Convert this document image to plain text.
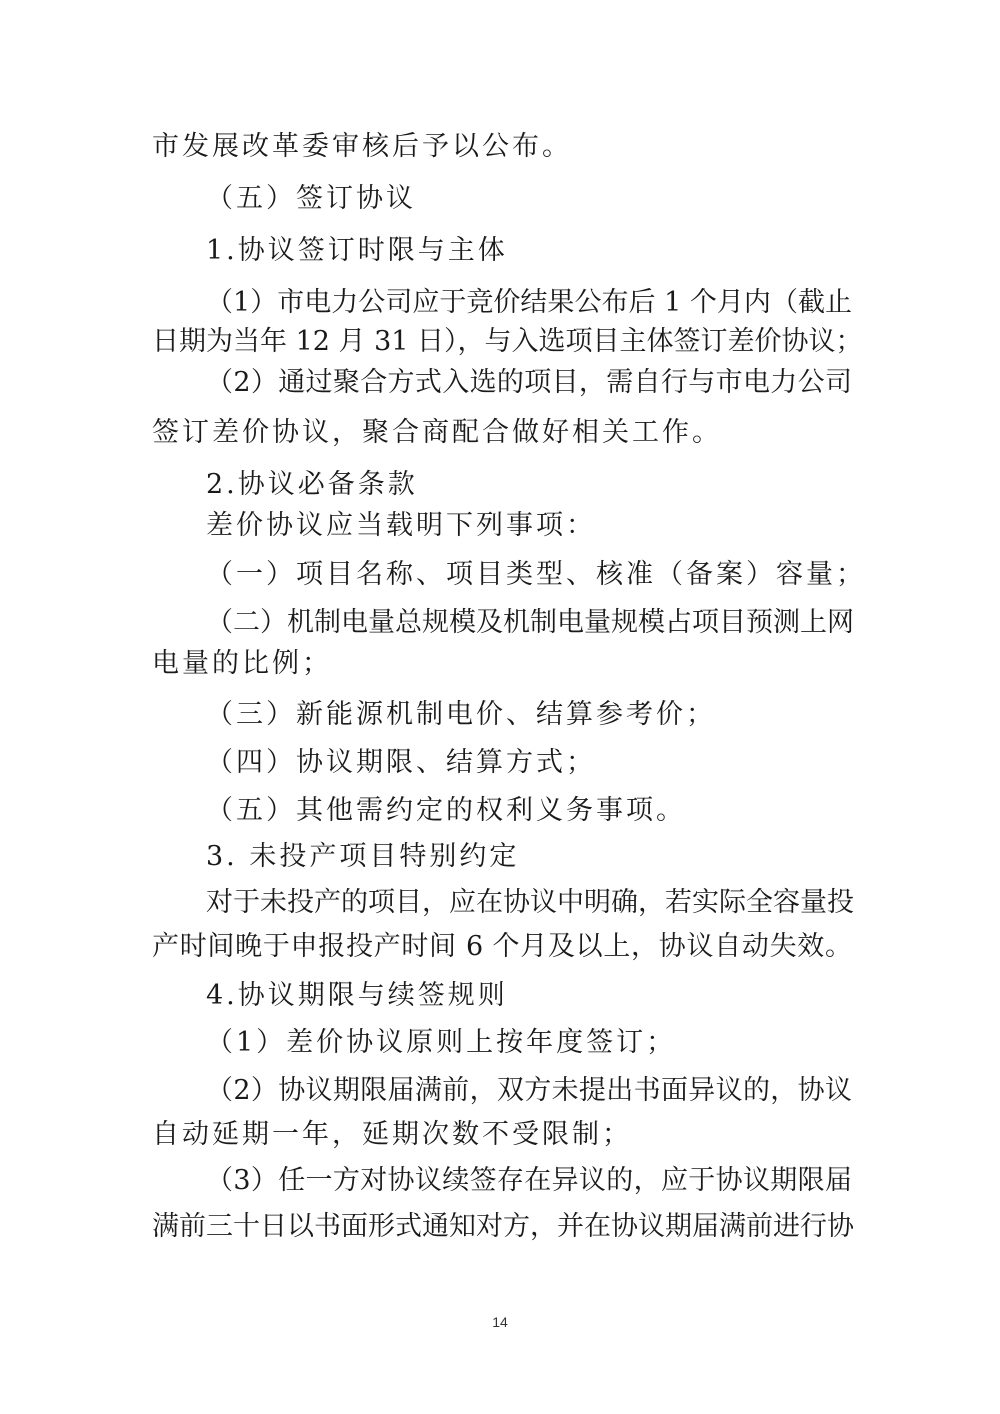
市发展改革委审核后予以公布。
（五）签订协议
1.协议签订时限与主体
（1）市电力公司应于竞价结果公布后 1 个月内（截止
日期为当年 12 月 31 日），与入选项目主体签订差价协议；
（2）通过聚合方式入选的项目，需自行与市电力公司
签订差价协议，聚合商配合做好相关工作。
2.协议必备条款
差价协议应当载明下列事项：
（一）项目名称、项目类型、核准（备案）容量；
（二）机制电量总规模及机制电量规模占项目预测上网
电量的比例；
（三）新能源机制电价、结算参考价；
（四）协议期限、结算方式；
（五）其他需约定的权利义务事项。
3. 未投产项目特别约定
对于未投产的项目，应在协议中明确，若实际全容量投
产时间晚于申报投产时间 6 个月及以上，协议自动失效。
4.协议期限与续签规则
（1）差价协议原则上按年度签订；
（2）协议期限届满前，双方未提出书面异议的，协议
自动延期一年，延期次数不受限制；
（3）任一方对协议续签存在异议的，应于协议期限届
满前三十日以书面形式通知对方，并在协议期届满前进行协
14
